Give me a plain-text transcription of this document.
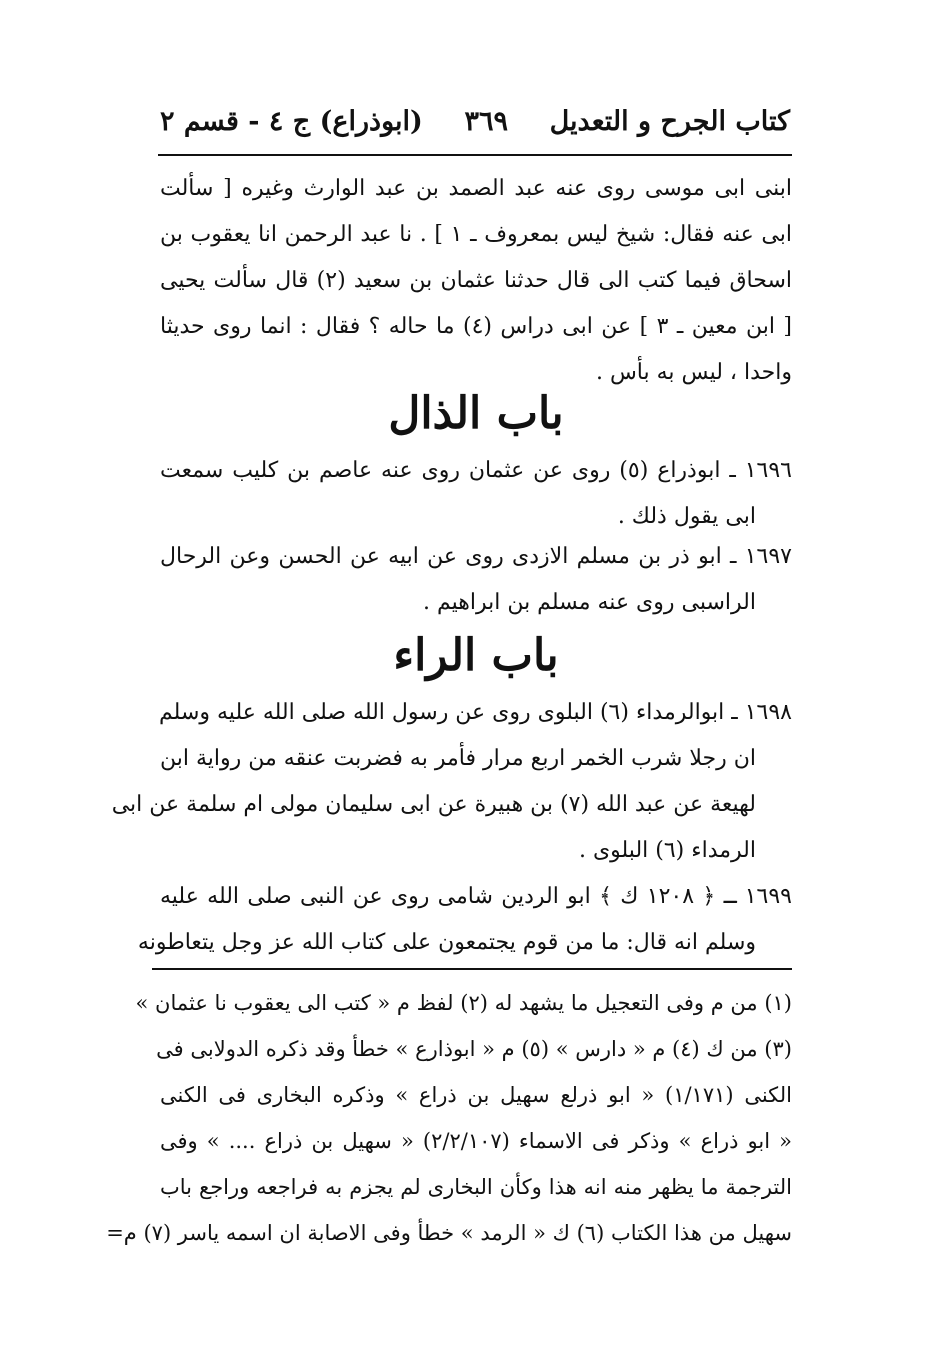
كتاب الجرح و التعديل
٣٦٩
(ابوذراع) ج ٤ - قسم ٢
ابنى ابى موسى روى عنه عبد الصمد بن عبد الوارث وغيره [ سألت
ابى عنه فقال: شيخ ليس بمعروف ـ ١ ] . نا عبد الرحمن انا يعقوب بن
اسحاق فيما كتب الى قال حدثنا عثمان بن سعيد (٢) قال سألت يحيى
[ ابن معين ـ ٣ ] عن ابى دراس (٤) ما حاله ؟ فقال : انما روى حديثا
واحدا ، ليس به بأس .
باب الذال
١٦٩٦ ـ ابوذراع (٥) روى عن عثمان روى عنه عاصم بن كليب سمعت
ابى يقول ذلك .
١٦٩٧ ـ ابو ذر بن مسلم الازدى روى عن ابيه عن الحسن وعن الرحال
الراسبى روى عنه مسلم بن ابراهيم .
باب الراء
١٦٩٨ ـ ابوالرمداء (٦) البلوى روى عن رسول الله صلى الله عليه وسلم
ان رجلا شرب الخمر اربع مرار فأمر به فضربت عنقه من رواية ابن
لهيعة عن عبد الله (٧) بن هبيرة عن ابى سليمان مولى ام سلمة عن ابى
الرمداء (٦) البلوى .
١٦٩٩ ـ ﴿ ١٢٠٨ ك ﴾ ابو الردين شامى روى عن النبى صلى الله عليه
وسلم انه قال: ما من قوم يجتمعون على كتاب الله عز وجل يتعاطونه
(١) من م وفى التعجيل ما يشهد له (٢) لفظ م « كتب الى يعقوب نا عثمان »
(٣) من ك (٤) م « دارس » (٥) م « ابوذارع » خطأ وقد ذكره الدولابى فى
الكنى (١/١٧١) « ابو ذرلع سهيل بن ذراع » وذكره البخارى فى الكنى
« ابو ذراع » وذكر فى الاسماء (٢/٢/١٠٧) « سهيل بن ذراع .... » وفى
الترجمة ما يظهر منه انه هذا وكأن البخارى لم يجزم به فراجعه وراجع باب
سهيل من هذا الكتاب (٦) ك « الرمد » خطأ وفى الاصابة ان اسمه ياسر (٧) م=
